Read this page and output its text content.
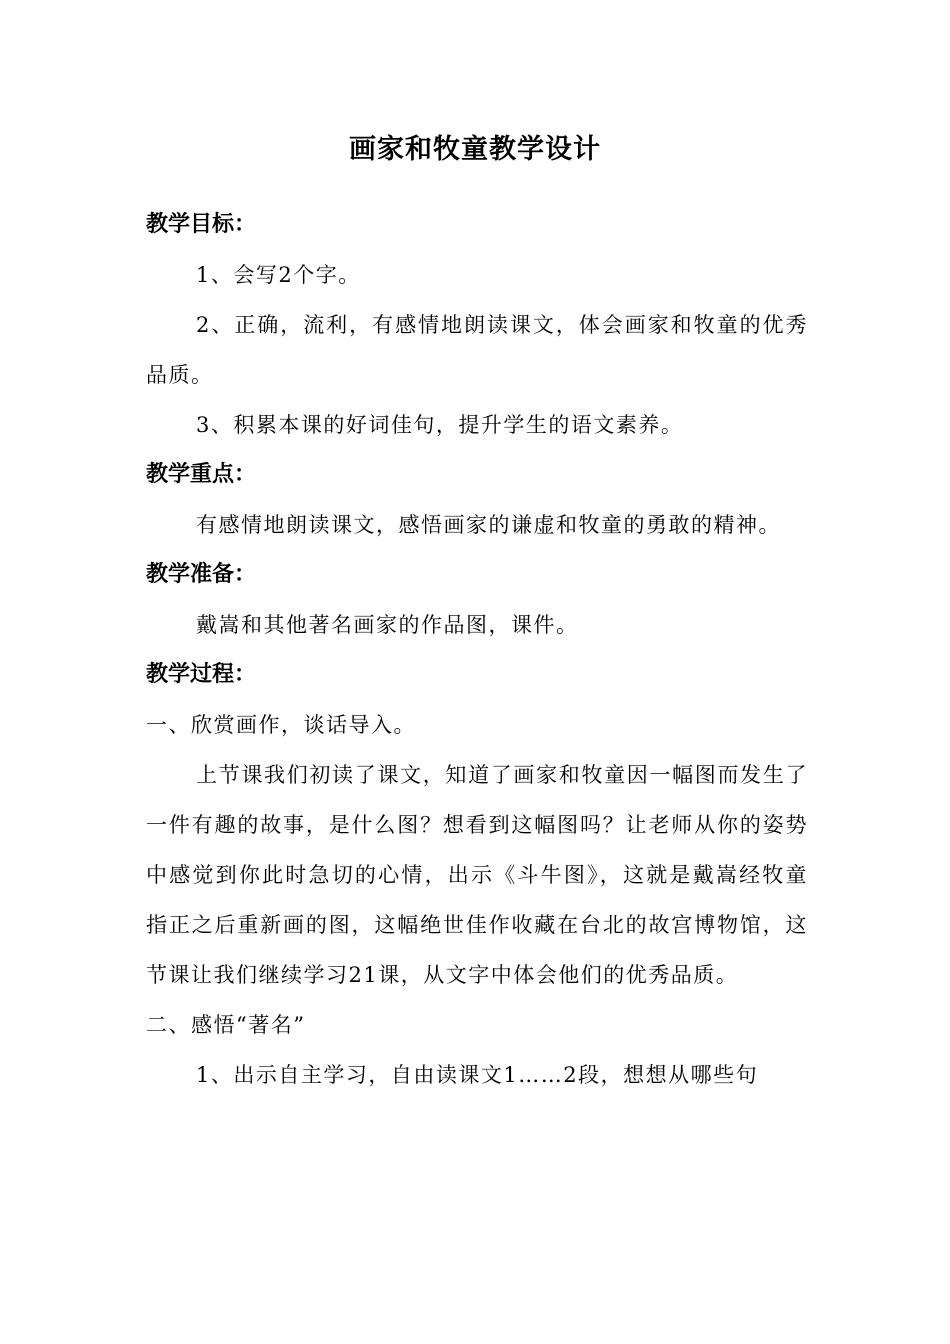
画家和牧童教学设计

教学目标：

1、会写2个字。

2、正确，流利，有感情地朗读课文，体会画家和牧童的优秀品质。

3、积累本课的好词佳句，提升学生的语文素养。

教学重点：

有感情地朗读课文，感悟画家的谦虚和牧童的勇敢的精神。

教学准备：

戴嵩和其他著名画家的作品图，课件。

教学过程：

一、欣赏画作，谈话导入。

上节课我们初读了课文，知道了画家和牧童因一幅图而发生了一件有趣的故事，是什么图？想看到这幅图吗？让老师从你的姿势中感觉到你此时急切的心情，出示《斗牛图》，这就是戴嵩经牧童指正之后重新画的图，这幅绝世佳作收藏在台北的故宫博物馆，这节课让我们继续学习21课，从文字中体会他们的优秀品质。

二、感悟“著名”

1、出示自主学习，自由读课文1……2段，想想从哪些句
